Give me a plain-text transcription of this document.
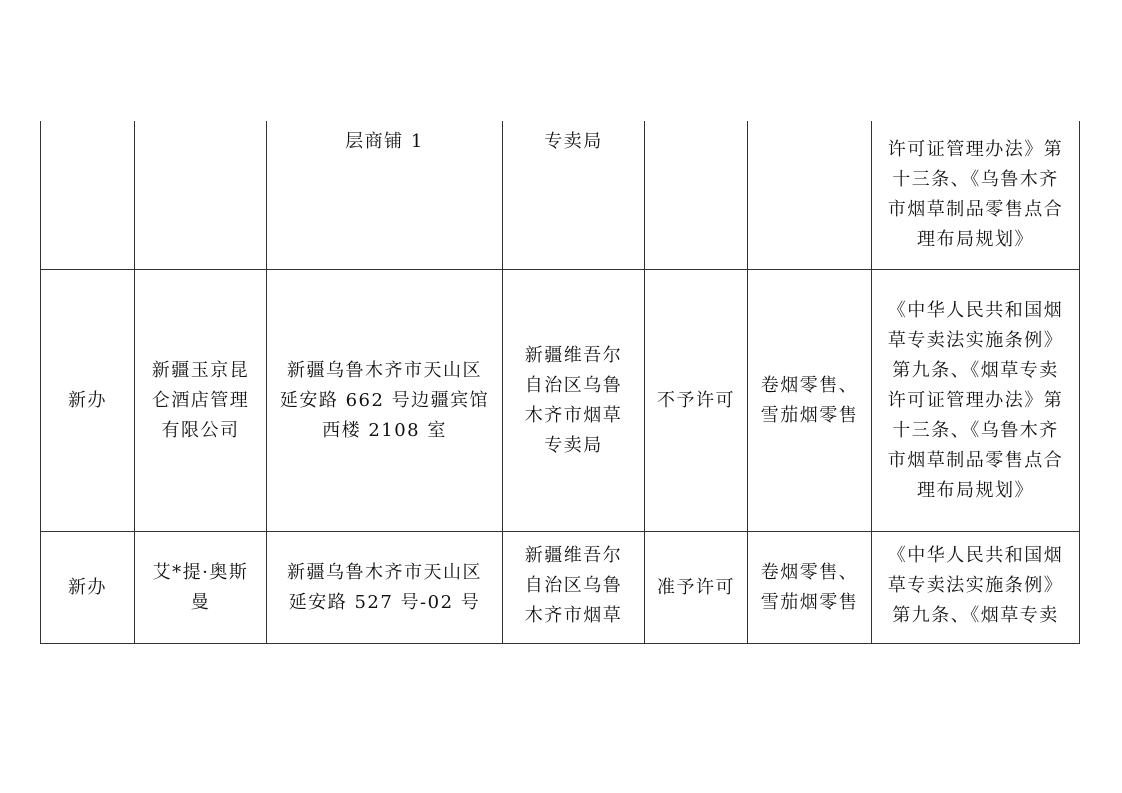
层商铺 1	专卖局	许可证管理办法》第
十三条、《乌鲁木齐
市烟草制品零售点合
理布局规划》
新办
新疆玉京昆
仑酒店管理
有限公司
新疆乌鲁木齐市天山区
延安路 662 号边疆宾馆
西楼 2108 室
新疆维吾尔
自治区乌鲁
木齐市烟草
专卖局
不予许可
卷烟零售、
雪茄烟零售
《中华人民共和国烟
草专卖法实施条例》
第九条、《烟草专卖
许可证管理办法》第
十三条、《乌鲁木齐
市烟草制品零售点合
理布局规划》
新办
艾*提·奥斯
曼
新疆乌鲁木齐市天山区
延安路 527 号-02 号
新疆维吾尔
自治区乌鲁
木齐市烟草
准予许可
卷烟零售、
雪茄烟零售
《中华人民共和国烟
草专卖法实施条例》
第九条、《烟草专卖
